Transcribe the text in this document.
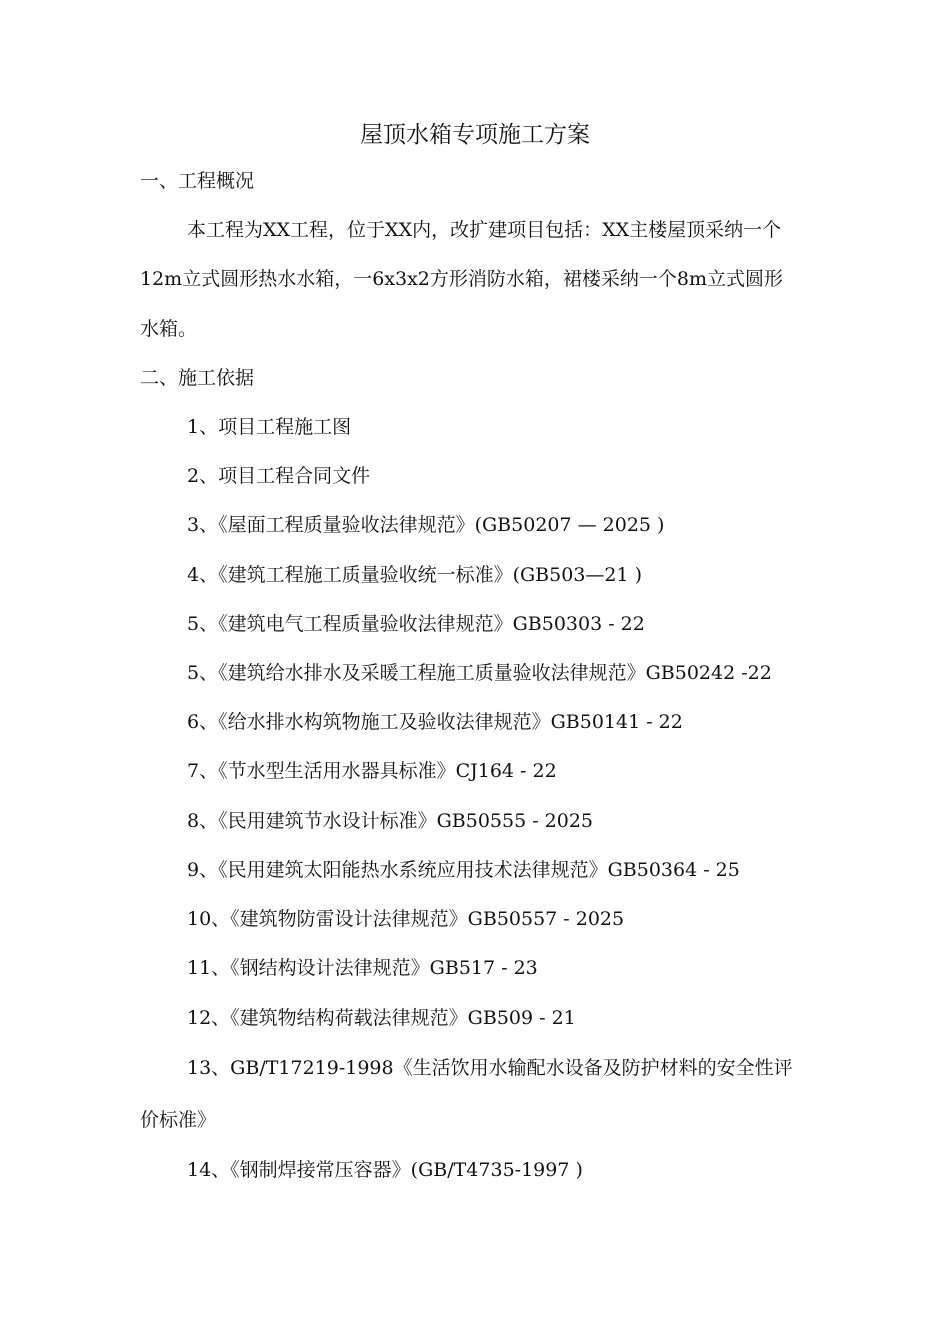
屋顶水箱专项施工方案
一、工程概况
本工程为XX工程，位于XX内，改扩建项目包括：XX主楼屋顶采纳一个
12m立式圆形热水水箱，一6x3x2方形消防水箱，裙楼采纳一个8m立式圆形
水箱。
二、施工依据
1、项目工程施工图
2、项目工程合同文件
3、《屋面工程质量验收法律规范》(GB50207 — 2025 )
4、《建筑工程施工质量验收统一标准》(GB503—21 )
5、《建筑电气工程质量验收法律规范》GB50303 - 22
5、《建筑给水排水及采暖工程施工质量验收法律规范》GB50242 -22
6、《给水排水构筑物施工及验收法律规范》GB50141 - 22
7、《节水型生活用水器具标准》CJ164 - 22
8、《民用建筑节水设计标准》GB50555 - 2025
9、《民用建筑太阳能热水系统应用技术法律规范》GB50364 - 25
10、《建筑物防雷设计法律规范》GB50557 - 2025
11、《钢结构设计法律规范》GB517 - 23
12、《建筑物结构荷载法律规范》GB509 - 21
13、GB/T17219-1998《生活饮用水输配水设备及防护材料的安全性评
价标准》
14、《钢制焊接常压容器》(GB/T4735-1997 )
